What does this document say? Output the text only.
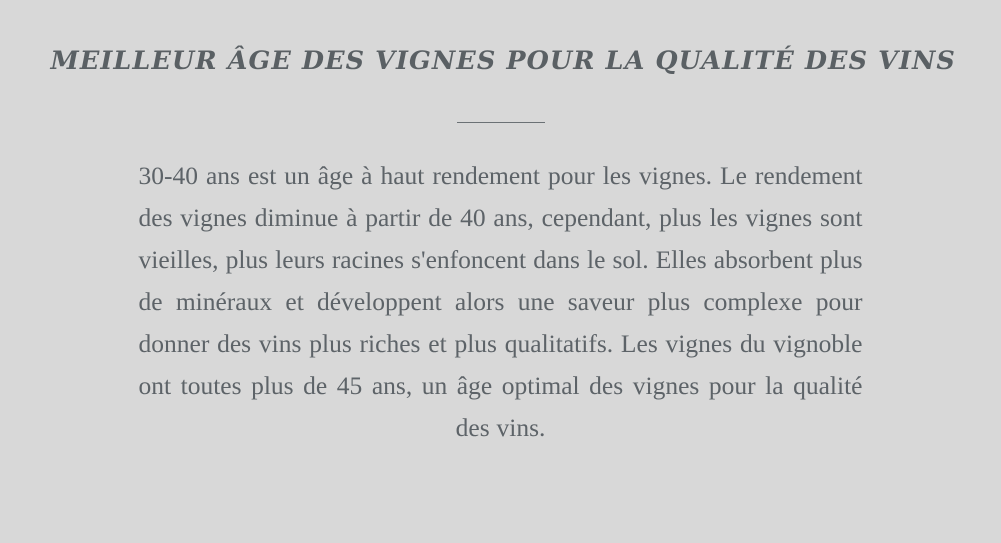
MEILLEUR ÂGE DES VIGNES POUR LA QUALITÉ DES VINS

30-40 ans est un âge à haut rendement pour les vignes. Le rendement des vignes diminue à partir de 40 ans, cependant, plus les vignes sont vieilles, plus leurs racines s'enfoncent dans le sol. Elles absorbent plus de minéraux et développent alors une saveur plus complexe pour donner des vins plus riches et plus qualitatifs. Les vignes du vignoble ont toutes plus de 45 ans, un âge optimal des vignes pour la qualité des vins.
